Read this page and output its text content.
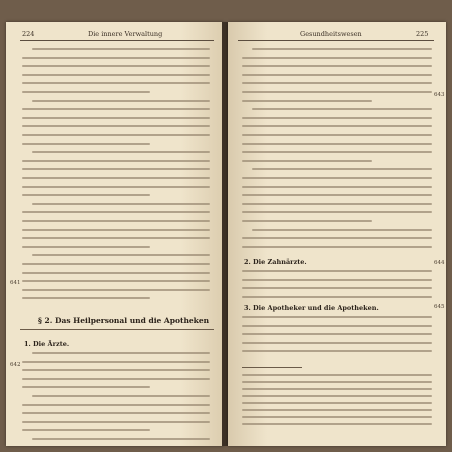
224	Die innere Verwaltung
641
§ 2. Das Heilpersonal und die Apotheken
1. Die Ärzte.
642
Gesundheitswesen	225
643
2. Die Zahnärzte.	644
3. Die Apotheker und die Apotheken.	645
